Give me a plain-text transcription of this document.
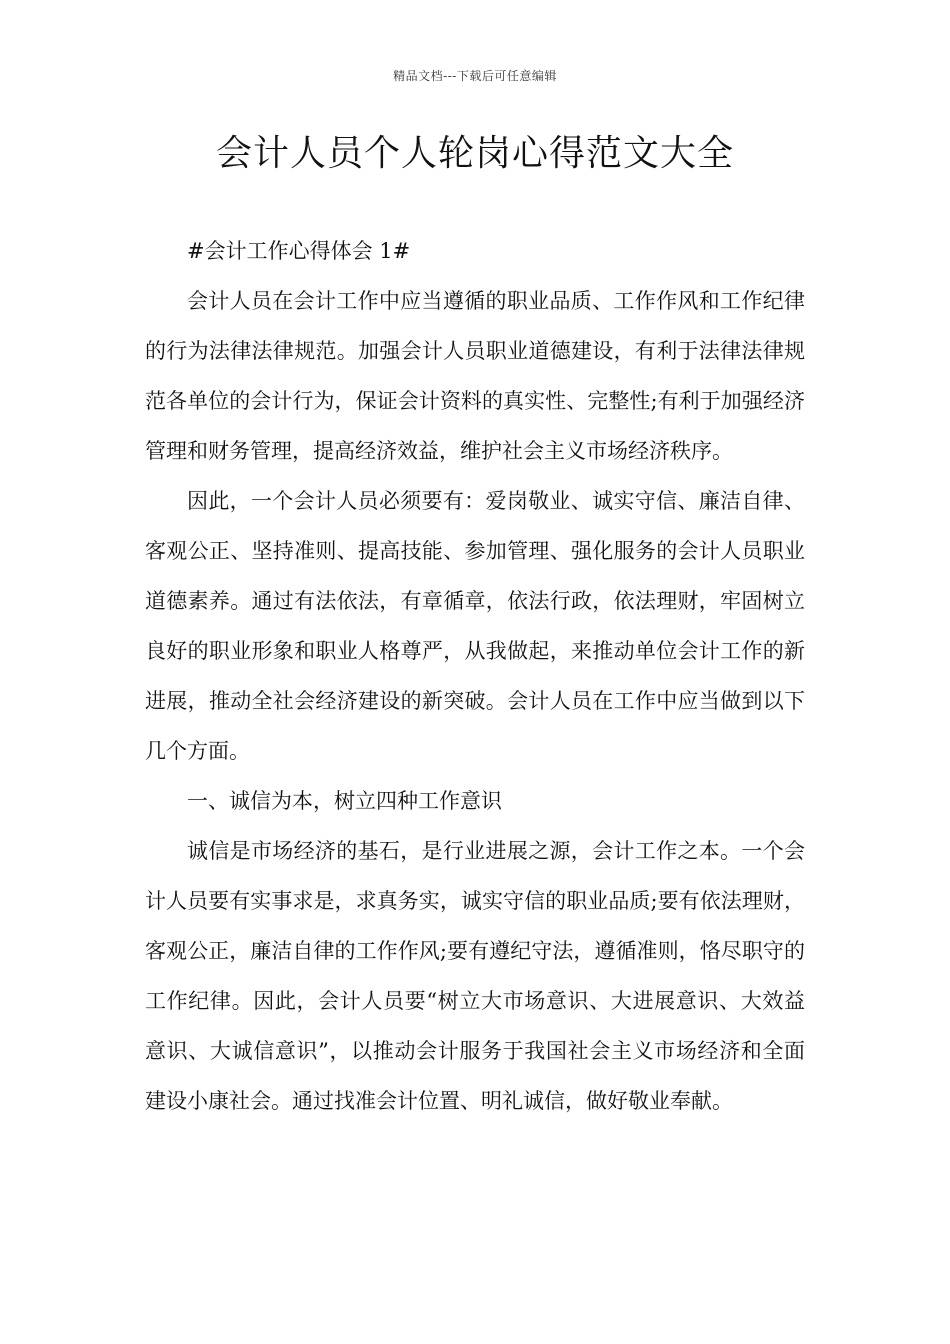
精品文档---下载后可任意编辑
会计人员个人轮岗心得范文大全

#会计工作心得体会 1#

会计人员在会计工作中应当遵循的职业品质、工作作风和工作纪律的行为法律法律规范。加强会计人员职业道德建设，有利于法律法律规范各单位的会计行为，保证会计资料的真实性、完整性;有利于加强经济管理和财务管理，提高经济效益，维护社会主义市场经济秩序。

因此，一个会计人员必须要有：爱岗敬业、诚实守信、廉洁自律、客观公正、坚持准则、提高技能、参加管理、强化服务的会计人员职业道德素养。通过有法依法，有章循章，依法行政，依法理财，牢固树立良好的职业形象和职业人格尊严，从我做起，来推动单位会计工作的新进展，推动全社会经济建设的新突破。会计人员在工作中应当做到以下几个方面。

一、诚信为本，树立四种工作意识

诚信是市场经济的基石，是行业进展之源，会计工作之本。一个会计人员要有实事求是，求真务实，诚实守信的职业品质;要有依法理财，客观公正，廉洁自律的工作作风;要有遵纪守法，遵循准则，恪尽职守的工作纪律。因此，会计人员要“树立大市场意识、大进展意识、大效益意识、大诚信意识”，以推动会计服务于我国社会主义市场经济和全面建设小康社会。通过找准会计位置、明礼诚信，做好敬业奉献。
